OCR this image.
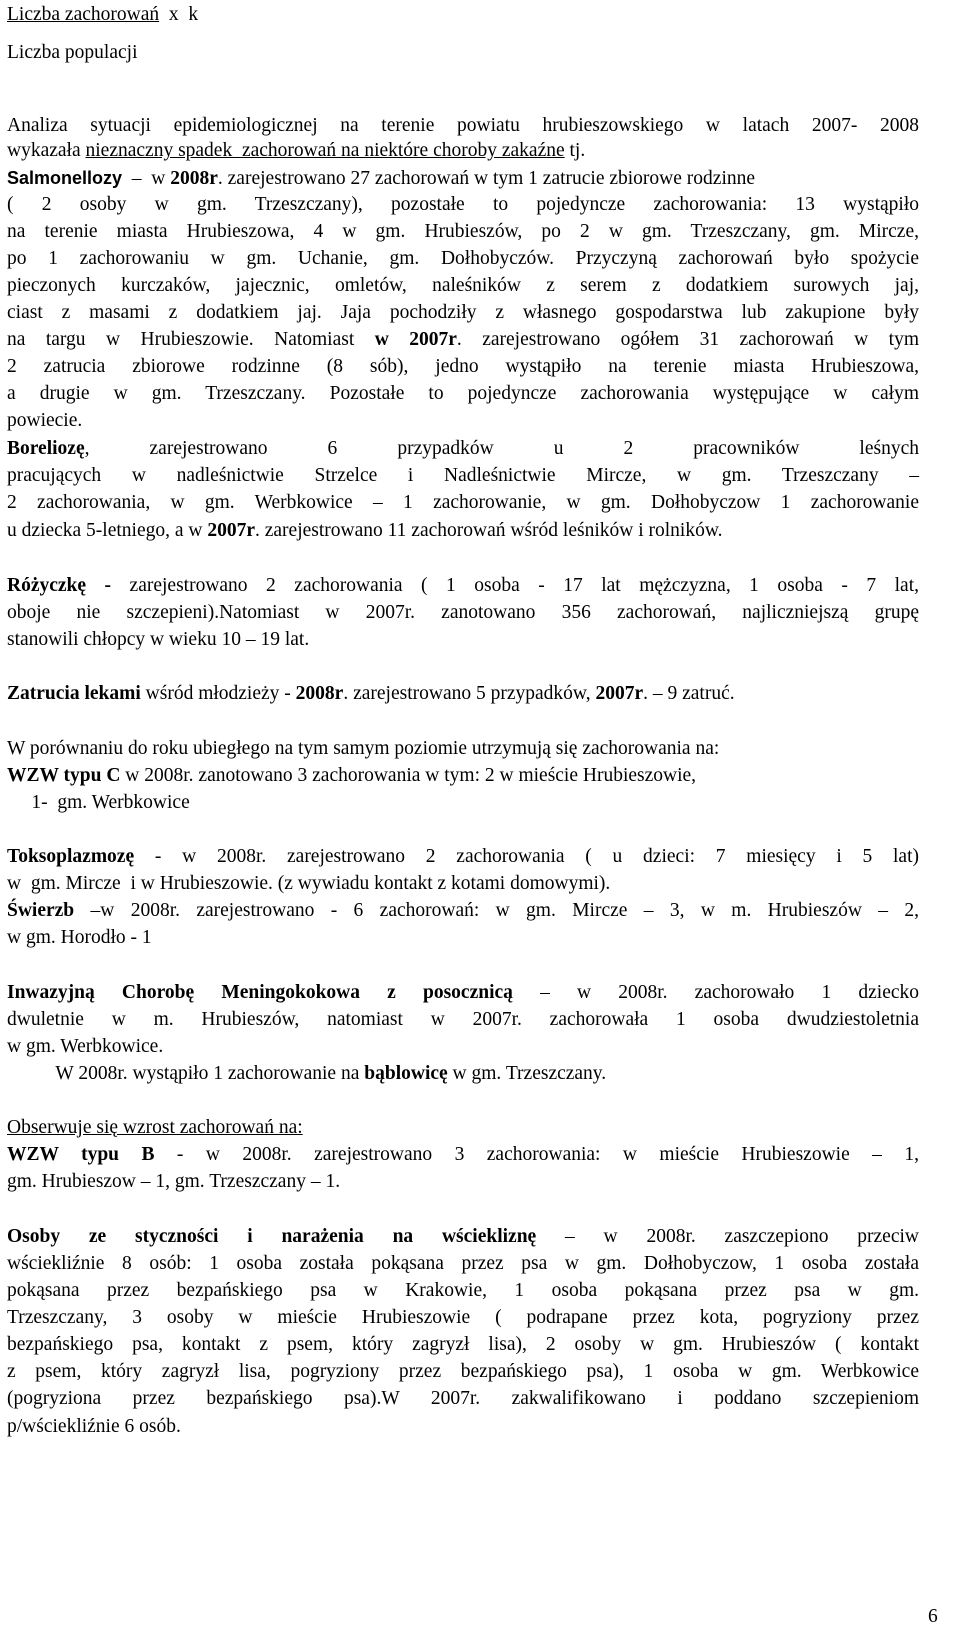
Liczba zachorowań x k
Liczba populacji
Analiza sytuacji epidemiologicznej na terenie powiatu hrubieszowskiego w latach 2007- 2008
wykazała nieznaczny spadek  zachorowań na niektóre choroby zakaźne tj.
Salmonellozy  –  w 2008r. zarejestrowano 27 zachorowań w tym 1 zatrucie zbiorowe rodzinne
( 2 osoby w gm. Trzeszczany), pozostałe to pojedyncze zachorowania: 13 wystąpiło
na terenie miasta Hrubieszowa, 4 w gm. Hrubieszów, po 2 w gm. Trzeszczany, gm. Mircze,
po 1 zachorowaniu w gm. Uchanie, gm. Dołhobyczów. Przyczyną zachorowań było spożycie
pieczonych kurczaków, jajecznic, omletów, naleśników z serem z dodatkiem surowych jaj,
ciast z masami z dodatkiem jaj. Jaja pochodziły z własnego gospodarstwa lub zakupione były
na targu w Hrubieszowie. Natomiast w 2007r. zarejestrowano ogółem 31 zachorowań w tym
2 zatrucia zbiorowe rodzinne (8 sób), jedno wystąpiło na terenie miasta Hrubieszowa,
a drugie w gm. Trzeszczany. Pozostałe to pojedyncze zachorowania występujące w całym
powiecie.
Boreliozę, zarejestrowano 6 przypadków u 2 pracowników leśnych
pracujących w nadleśnictwie Strzelce i Nadleśnictwie Mircze, w gm. Trzeszczany –
2 zachorowania, w gm. Werbkowice – 1 zachorowanie, w gm. Dołhobyczow 1 zachorowanie
u dziecka 5-letniego, a w 2007r. zarejestrowano 11 zachorowań wśród leśników i rolników.
Różyczkę - zarejestrowano 2 zachorowania ( 1 osoba - 17 lat mężczyzna, 1 osoba - 7 lat,
oboje nie szczepieni).Natomiast w 2007r. zanotowano 356 zachorowań, najliczniejszą grupę
stanowili chłopcy w wieku 10 – 19 lat.
Zatrucia lekami wśród młodzieży - 2008r. zarejestrowano 5 przypadków, 2007r. – 9 zatruć.
W porównaniu do roku ubiegłego na tym samym poziomie utrzymują się zachorowania na:
WZW typu C w 2008r. zanotowano 3 zachorowania w tym: 2 w mieście Hrubieszowie,
1-  gm. Werbkowice
Toksoplazmozę - w 2008r. zarejestrowano 2 zachorowania ( u dzieci: 7 miesięcy i 5 lat)
w  gm. Mircze  i w Hrubieszowie. (z wywiadu kontakt z kotami domowymi).
Świerzb –w 2008r. zarejestrowano - 6 zachorowań: w gm. Mircze – 3, w m. Hrubieszów – 2,
w gm. Horodło - 1
Inwazyjną Chorobę Meningokokowa z posocznicą – w 2008r. zachorowało 1 dziecko
dwuletnie w m. Hrubieszów, natomiast w 2007r. zachorowała 1 osoba dwudziestoletnia
w gm. Werbkowice.
W 2008r. wystąpiło 1 zachorowanie na bąblowicę w gm. Trzeszczany.
Obserwuje się wzrost zachorowań na:
WZW typu B - w 2008r. zarejestrowano 3 zachorowania: w mieście Hrubieszowie – 1,
gm. Hrubieszow – 1, gm. Trzeszczany – 1.
Osoby ze styczności i narażenia na wściekliznę – w 2008r. zaszczepiono przeciw
wściekliźnie 8 osób: 1 osoba została pokąsana przez psa w gm. Dołhobyczow, 1 osoba została
pokąsana przez bezpańskiego psa w Krakowie, 1 osoba pokąsana przez psa w gm.
Trzeszczany, 3 osoby w mieście Hrubieszowie ( podrapane przez kota, pogryziony przez
bezpańskiego psa, kontakt z psem, który zagryzł lisa), 2 osoby w gm. Hrubieszów ( kontakt
z psem, który zagryzł lisa, pogryziony przez bezpańskiego psa), 1 osoba w gm. Werbkowice
(pogryziona przez bezpańskiego psa).W 2007r. zakwalifikowano i poddano szczepieniom
p/wściekliźnie 6 osób.
6
